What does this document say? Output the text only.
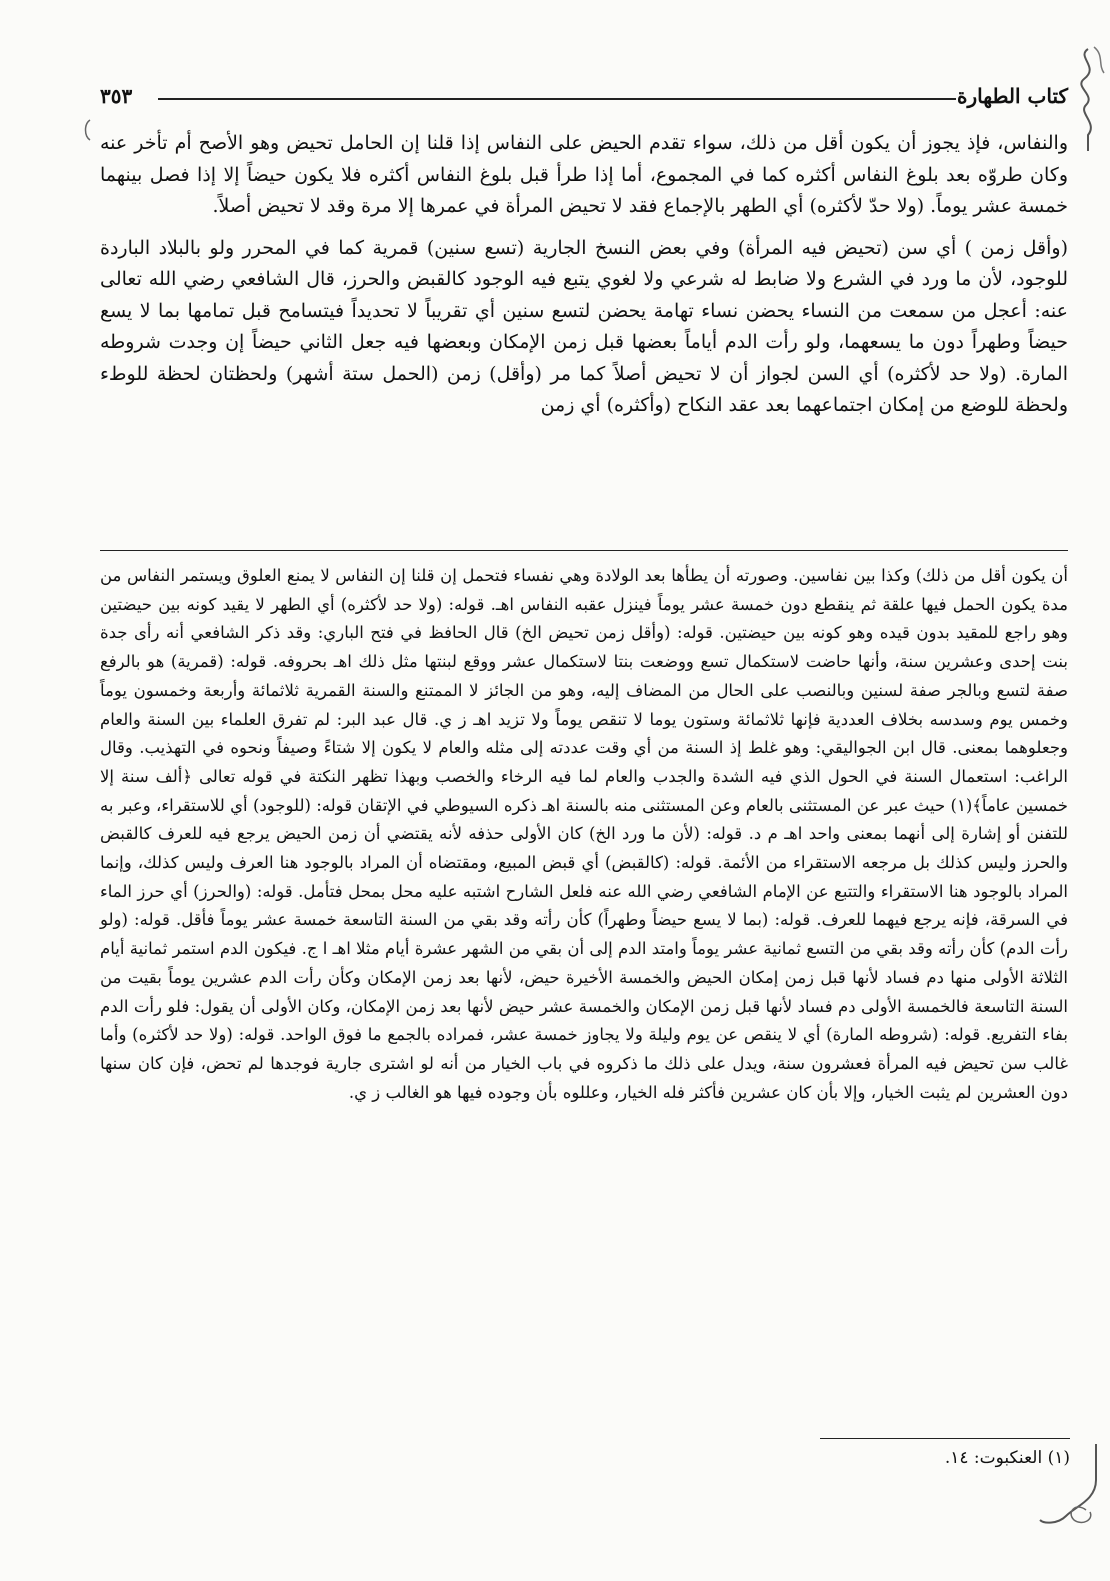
كتاب الطهارة
٣٥٣

والنفاس، فإذ يجوز أن يكون أقل من ذلك، سواء تقدم الحيض على النفاس إذا قلنا إن الحامل تحيض وهو الأصح أم تأخر عنه وكان طروّه بعد بلوغ النفاس أكثره كما في المجموع، أما إذا طرأ قبل بلوغ النفاس أكثره فلا يكون حيضاً إلا إذا فصل بينهما خمسة عشر يوماً. (ولا حدّ لأكثره) أي الطهر بالإجماع فقد لا تحيض المرأة في عمرها إلا مرة وقد لا تحيض أصلاً.

(وأقل زمن ) أي سن (تحيض فيه المرأة) وفي بعض النسخ الجارية (تسع سنين) قمرية كما في المحرر ولو بالبلاد الباردة للوجود، لأن ما ورد في الشرع ولا ضابط له شرعي ولا لغوي يتبع فيه الوجود كالقبض والحرز، قال الشافعي رضي الله تعالى عنه: أعجل من سمعت من النساء يحضن نساء تهامة يحضن لتسع سنين أي تقريباً لا تحديداً فيتسامح قبل تمامها بما لا يسع حيضاً وطهراً دون ما يسعهما، ولو رأت الدم أياماً بعضها قبل زمن الإمكان وبعضها فيه جعل الثاني حيضاً إن وجدت شروطه المارة. (ولا حد لأكثره) أي السن لجواز أن لا تحيض أصلاً كما مر (وأقل) زمن (الحمل ستة أشهر) ولحظتان لحظة للوطء ولحظة للوضع من إمكان اجتماعهما بعد عقد النكاح (وأكثره) أي زمن

أن يكون أقل من ذلك) وكذا بين نفاسين. وصورته أن يطأها بعد الولادة وهي نفساء فتحمل إن قلنا إن النفاس لا يمنع العلوق ويستمر النفاس من مدة يكون الحمل فيها علقة ثم ينقطع دون خمسة عشر يوماً فينزل عقبه النفاس اهـ. قوله: (ولا حد لأكثره) أي الطهر لا يقيد كونه بين حيضتين وهو راجع للمقيد بدون قيده وهو كونه بين حيضتين. قوله: (وأقل زمن تحيض الخ) قال الحافظ في فتح الباري: وقد ذكر الشافعي أنه رأى جدة بنت إحدى وعشرين سنة، وأنها حاضت لاستكمال تسع ووضعت بنتا لاستكمال عشر ووقع لبنتها مثل ذلك اهـ بحروفه. قوله: (قمرية) هو بالرفع صفة لتسع وبالجر صفة لسنين وبالنصب على الحال من المضاف إليه، وهو من الجائز لا الممتنع والسنة القمرية ثلاثمائة وأربعة وخمسون يوماً وخمس يوم وسدسه بخلاف العددية فإنها ثلاثمائة وستون يوما لا تنقص يوماً ولا تزيد اهـ ز ي. قال عبد البر: لم تفرق العلماء بين السنة والعام وجعلوهما بمعنى. قال ابن الجواليقي: وهو غلط إذ السنة من أي وقت عددته إلى مثله والعام لا يكون إلا شتاءً وصيفاً ونحوه في التهذيب. وقال الراغب: استعمال السنة في الحول الذي فيه الشدة والجدب والعام لما فيه الرخاء والخصب وبهذا تظهر النكتة في قوله تعالى ﴿ألف سنة إلا خمسين عاماً﴾(١) حيث عبر عن المستثنى بالعام وعن المستثنى منه بالسنة اهـ ذكره السيوطي في الإتقان قوله: (للوجود) أي للاستقراء، وعبر به للتفنن أو إشارة إلى أنهما بمعنى واحد اهـ م د. قوله: (لأن ما ورد الخ) كان الأولى حذفه لأنه يقتضي أن زمن الحيض يرجع فيه للعرف كالقبض والحرز وليس كذلك بل مرجعه الاستقراء من الأئمة. قوله: (كالقبض) أي قبض المبيع، ومقتضاه أن المراد بالوجود هنا العرف وليس كذلك، وإنما المراد بالوجود هنا الاستقراء والتتبع عن الإمام الشافعي رضي الله عنه فلعل الشارح اشتبه عليه محل بمحل فتأمل. قوله: (والحرز) أي حرز الماء في السرقة، فإنه يرجع فيهما للعرف. قوله: (بما لا يسع حيضاً وطهراً) كأن رأته وقد بقي من السنة التاسعة خمسة عشر يوماً فأقل. قوله: (ولو رأت الدم) كأن رأته وقد بقي من التسع ثمانية عشر يوماً وامتد الدم إلى أن بقي من الشهر عشرة أيام مثلا اهـ ا ج. فيكون الدم استمر ثمانية أيام الثلاثة الأولى منها دم فساد لأنها قبل زمن إمكان الحيض والخمسة الأخيرة حيض، لأنها بعد زمن الإمكان وكأن رأت الدم عشرين يوماً بقيت من السنة التاسعة فالخمسة الأولى دم فساد لأنها قبل زمن الإمكان والخمسة عشر حيض لأنها بعد زمن الإمكان، وكان الأولى أن يقول: فلو رأت الدم بفاء التفريع. قوله: (شروطه المارة) أي لا ينقص عن يوم وليلة ولا يجاوز خمسة عشر، فمراده بالجمع ما فوق الواحد. قوله: (ولا حد لأكثره) وأما غالب سن تحيض فيه المرأة فعشرون سنة، ويدل على ذلك ما ذكروه في باب الخيار من أنه لو اشترى جارية فوجدها لم تحض، فإن كان سنها دون العشرين لم يثبت الخيار، وإلا بأن كان عشرين فأكثر فله الخيار، وعللوه بأن وجوده فيها هو الغالب ز ي.

(١) العنكبوت: ١٤.
